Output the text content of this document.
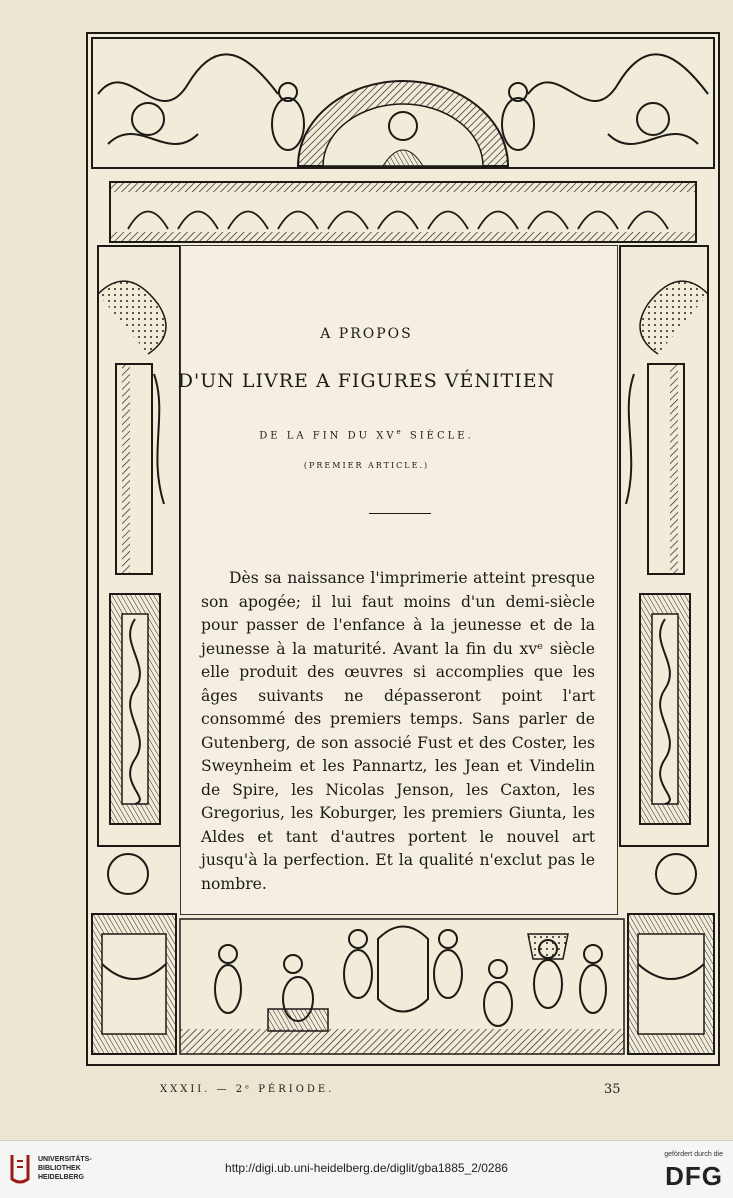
A PROPOS
D'UN LIVRE A FIGURES VÉNITIEN
DE LA FIN DU XVe SIÈCLE.
(PREMIER ARTICLE.)

Dès sa naissance l'imprimerie atteint presque son apogée; il lui faut moins d'un demi-siècle pour passer de l'enfance à la jeunesse et de la jeunesse à la maturité. Avant la fin du xvᵉ siècle elle produit des œuvres si accomplies que les âges suivants ne dépasseront point l'art consommé des premiers temps. Sans parler de Gutenberg, de son associé Fust et des Coster, les Sweynheim et les Pannartz, les Jean et Vindelin de Spire, les Nicolas Jenson, les Caxton, les Gregorius, les Koburger, les premiers Giunta, les Aldes et tant d'autres portent le nouvel art jusqu'à la perfection. Et la qualité n'exclut pas le nombre.

XXXII. — 2ᵉ PÉRIODE.	35
UNIVERSITÄTS-
BIBLIOTHEK
HEIDELBERG
http://digi.ub.uni-heidelberg.de/diglit/gba1885_2/0286
gefördert durch die
DFG
